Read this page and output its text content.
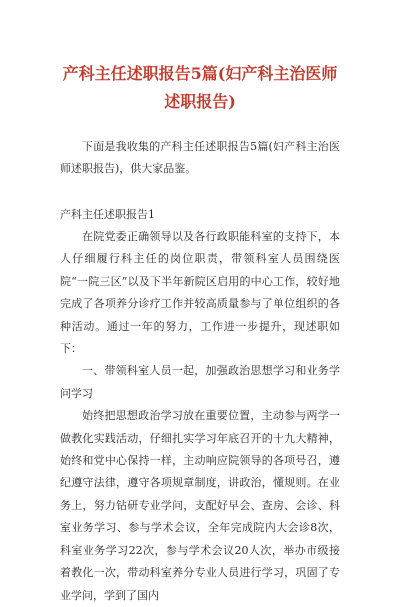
产科主任述职报告5篇(妇产科主治医师述职报告)

下面是我收集的产科主任述职报告5篇(妇产科主治医师述职报告)，供大家品鉴。

产科主任述职报告1

在院党委正确领导以及各行政职能科室的支持下，本人仔细履行科主任的岗位职责，带领科室人员围绕医院“一院三区”以及下半年新院区启用的中心工作，较好地完成了各项养分诊疗工作并较高质量参与了单位组织的各种活动。通过一年的努力，工作进一步提升，现述职如下：

一、带领科室人员一起，加强政治思想学习和业务学问学习

始终把思想政治学习放在重要位置，主动参与两学一做教化实践活动，仔细扎实学习年底召开的十九大精神，始终和党中心保持一样，主动响应院领导的各项号召，遵纪遵守法律，遵守各项规章制度，讲政治，懂规则。在业务上，努力钻研专业学问，支配好早会、查房、会诊、科室业务学习、参与学术会议，全年完成院内大会诊8次，科室业务学习22次，参与学术会议20人次，举办市级接着教化一次，带动科室养分专业人员进行学习，巩固了专业学问，学到了国内
